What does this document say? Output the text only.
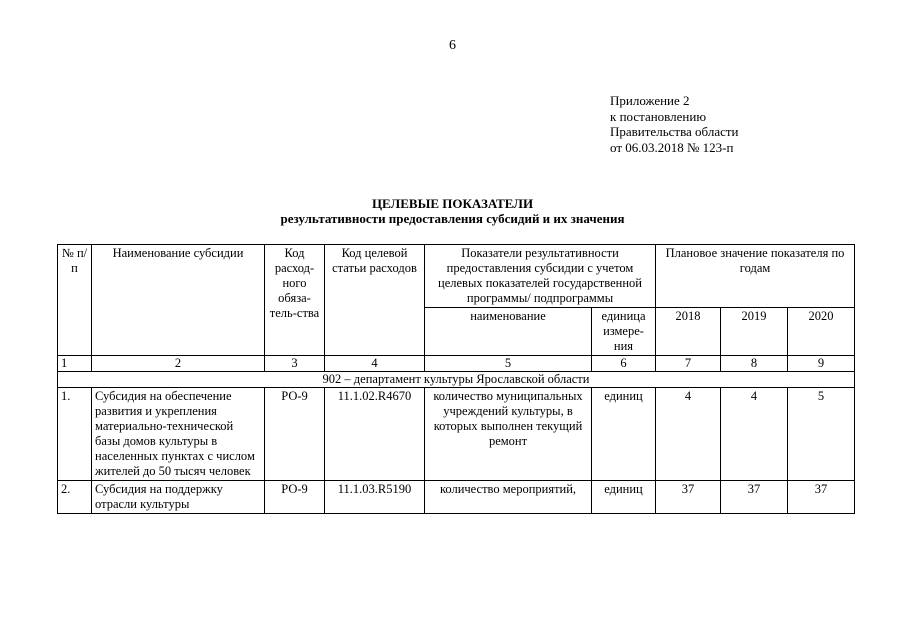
6
Приложение 2
к постановлению
Правительства области
от 06.03.2018 № 123-п
ЦЕЛЕВЫЕ ПОКАЗАТЕЛИ
результативности предоставления субсидий и их значения
№ п/п	Наименование субсидии	Код расход-ного обяза-тель-ства	Код целевой статьи расходов	Показатели результативности предоставления субсидии с учетом целевых показателей государственной программы/ подпрограммы		Плановое значение показателя по годам		
				наименование	единица измере-ния	2018	2019	2020
1	2	3	4	5	6	7	8	9
902 – департамент культуры Ярославской области								
1.	Субсидия на обеспечение развития и укрепления материально-технической базы домов культуры в населенных пунктах с числом жителей до 50 тысяч человек	РО-9	11.1.02.R4670	количество муниципальных учреждений культуры, в которых выполнен текущий ремонт	единиц	4	4	5
2.	Субсидия на поддержку отрасли культуры	РО-9	11.1.03.R5190	количество мероприятий,	единиц	37	37	37
